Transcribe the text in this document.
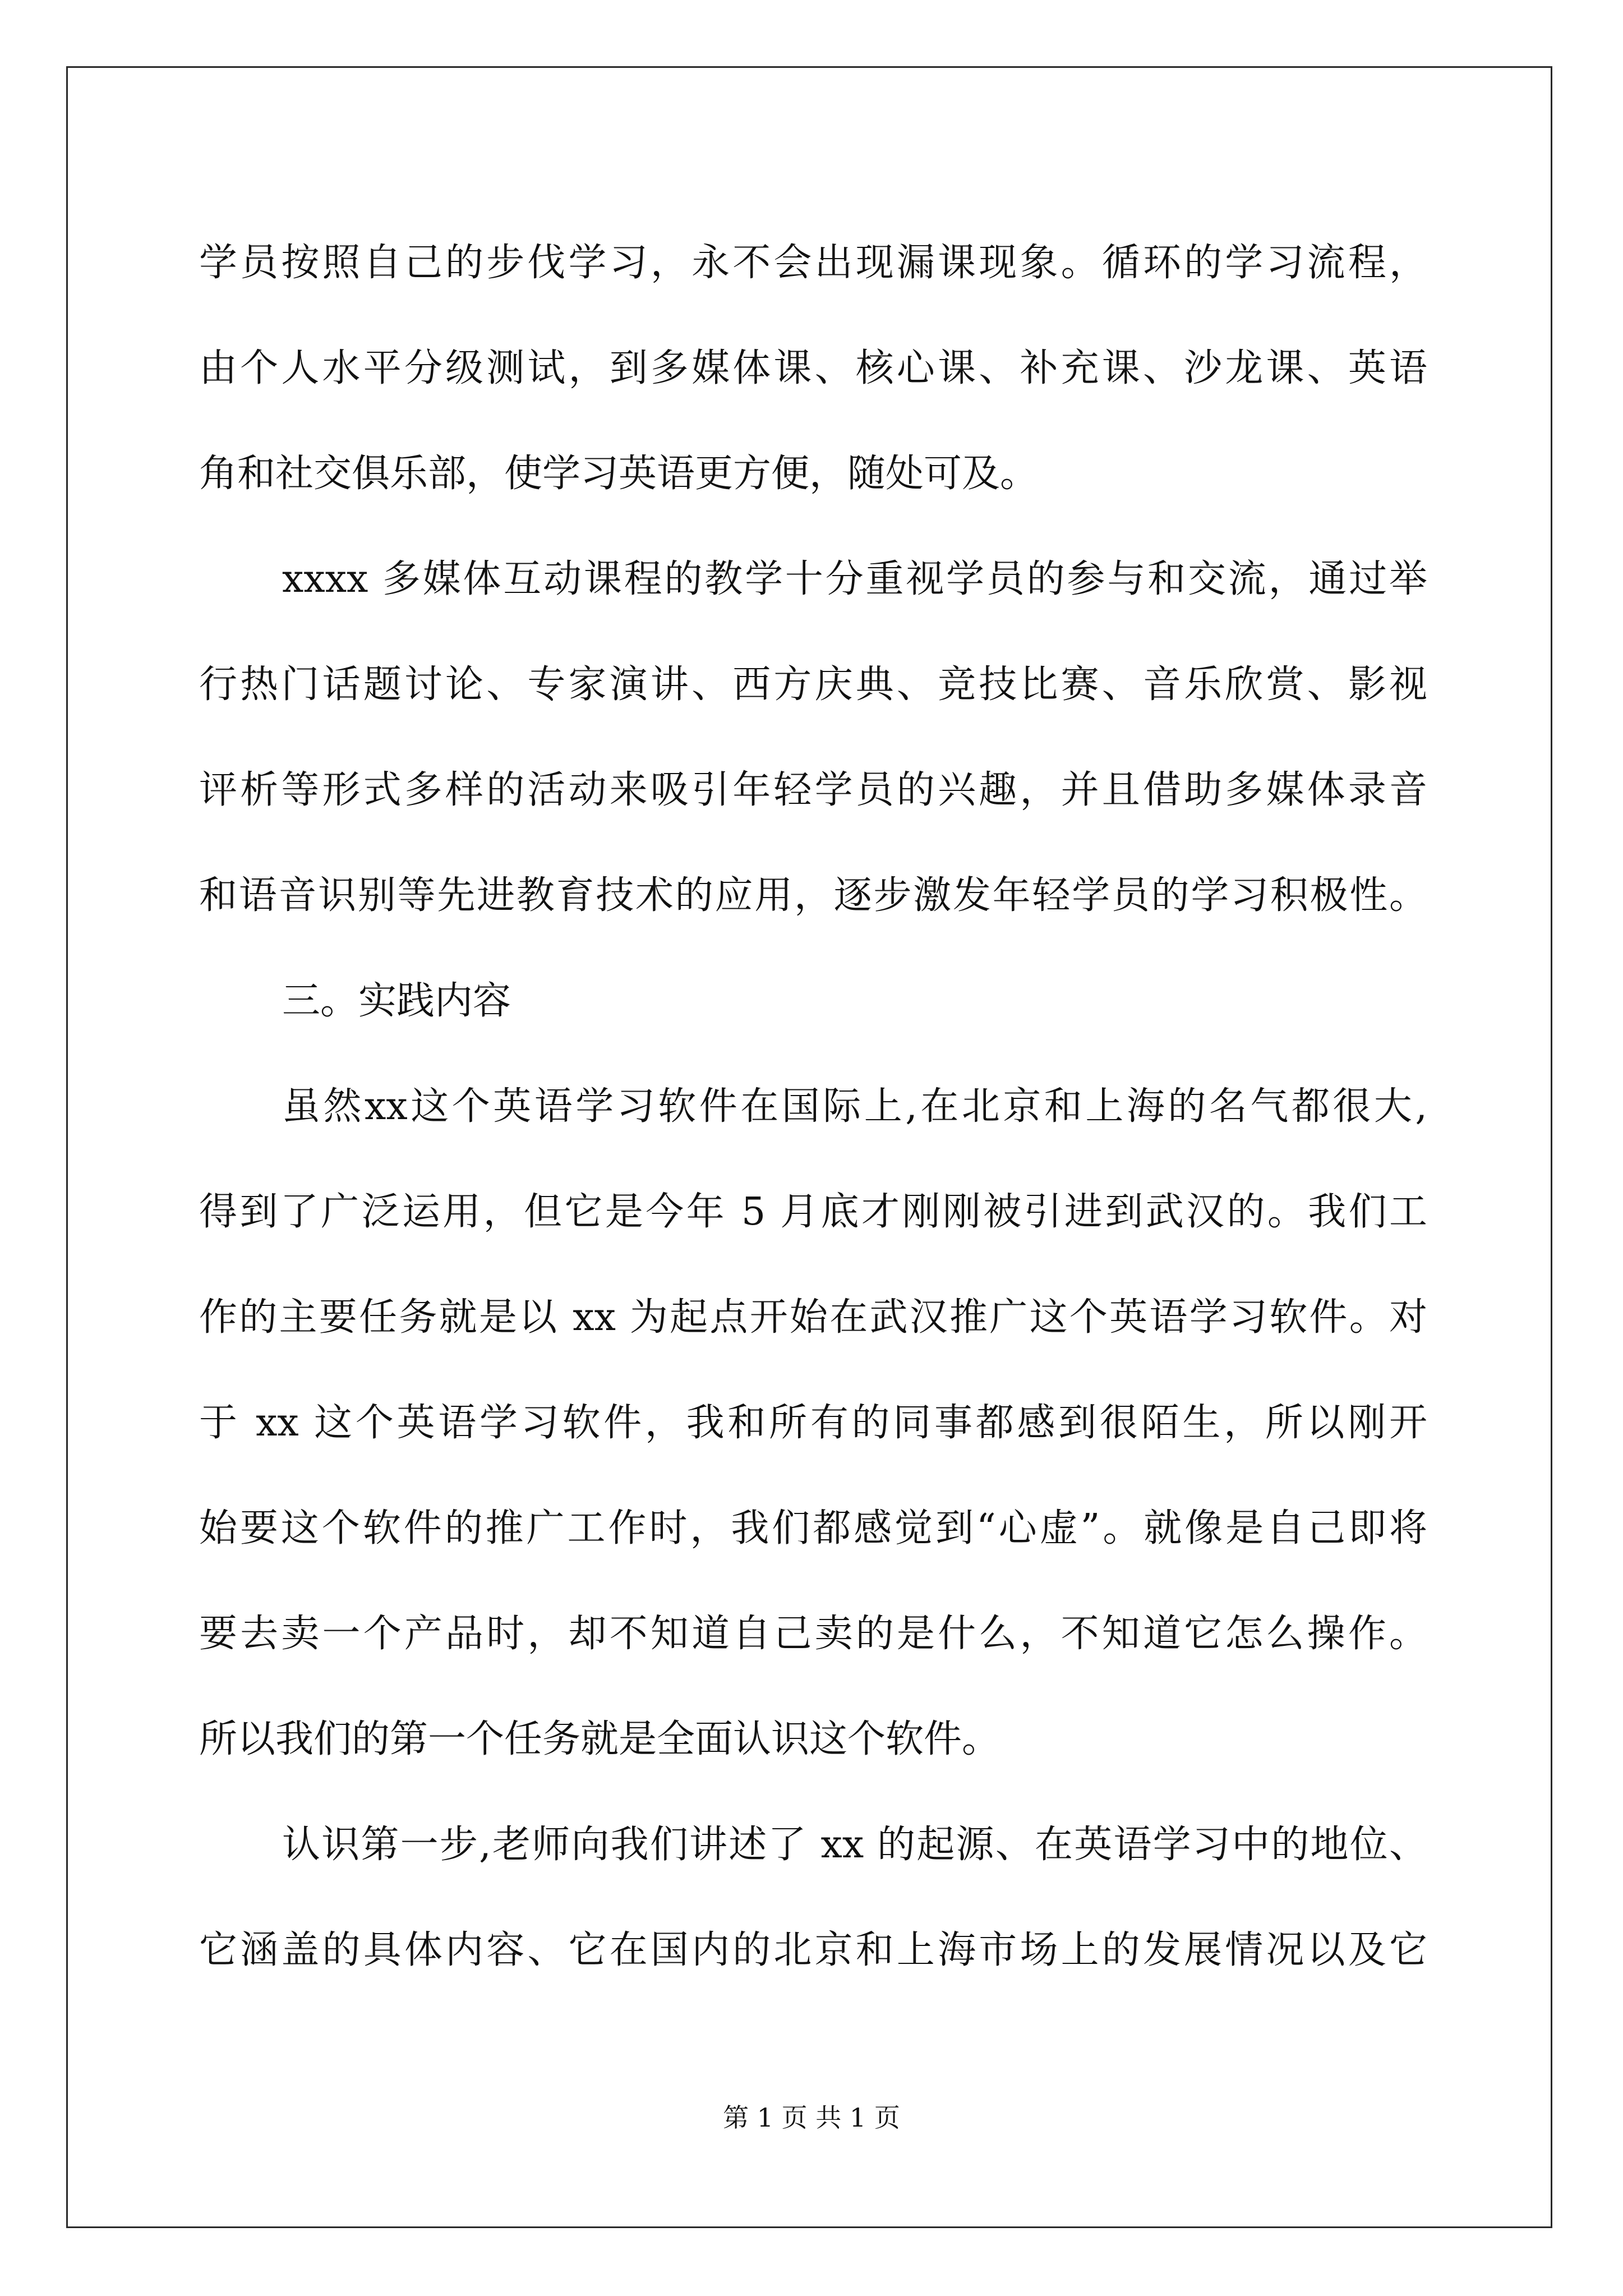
学员按照自己的步伐学习，永不会出现漏课现象。循环的学习流程，
由个人水平分级测试，到多媒体课、核心课、补充课、沙龙课、英语
角和社交俱乐部，使学习英语更方便，随处可及。
xxxx 多媒体互动课程的教学十分重视学员的参与和交流，通过举
行热门话题讨论、专家演讲、西方庆典、竞技比赛、音乐欣赏、影视
评析等形式多样的活动来吸引年轻学员的兴趣，并且借助多媒体录音
和语音识别等先进教育技术的应用，逐步激发年轻学员的学习积极性。
三。实践内容
虽然xx这个英语学习软件在国际上,在北京和上海的名气都很大,
得到了广泛运用，但它是今年 5 月底才刚刚被引进到武汉的。我们工
作的主要任务就是以 xx 为起点开始在武汉推广这个英语学习软件。对
于 xx 这个英语学习软件，我和所有的同事都感到很陌生，所以刚开
始要这个软件的推广工作时，我们都感觉到“心虚”。就像是自己即将
要去卖一个产品时，却不知道自己卖的是什么，不知道它怎么操作。
所以我们的第一个任务就是全面认识这个软件。
认识第一步,老师向我们讲述了 xx 的起源、在英语学习中的地位、
它涵盖的具体内容、它在国内的北京和上海市场上的发展情况以及它
第 1 页 共 1 页
